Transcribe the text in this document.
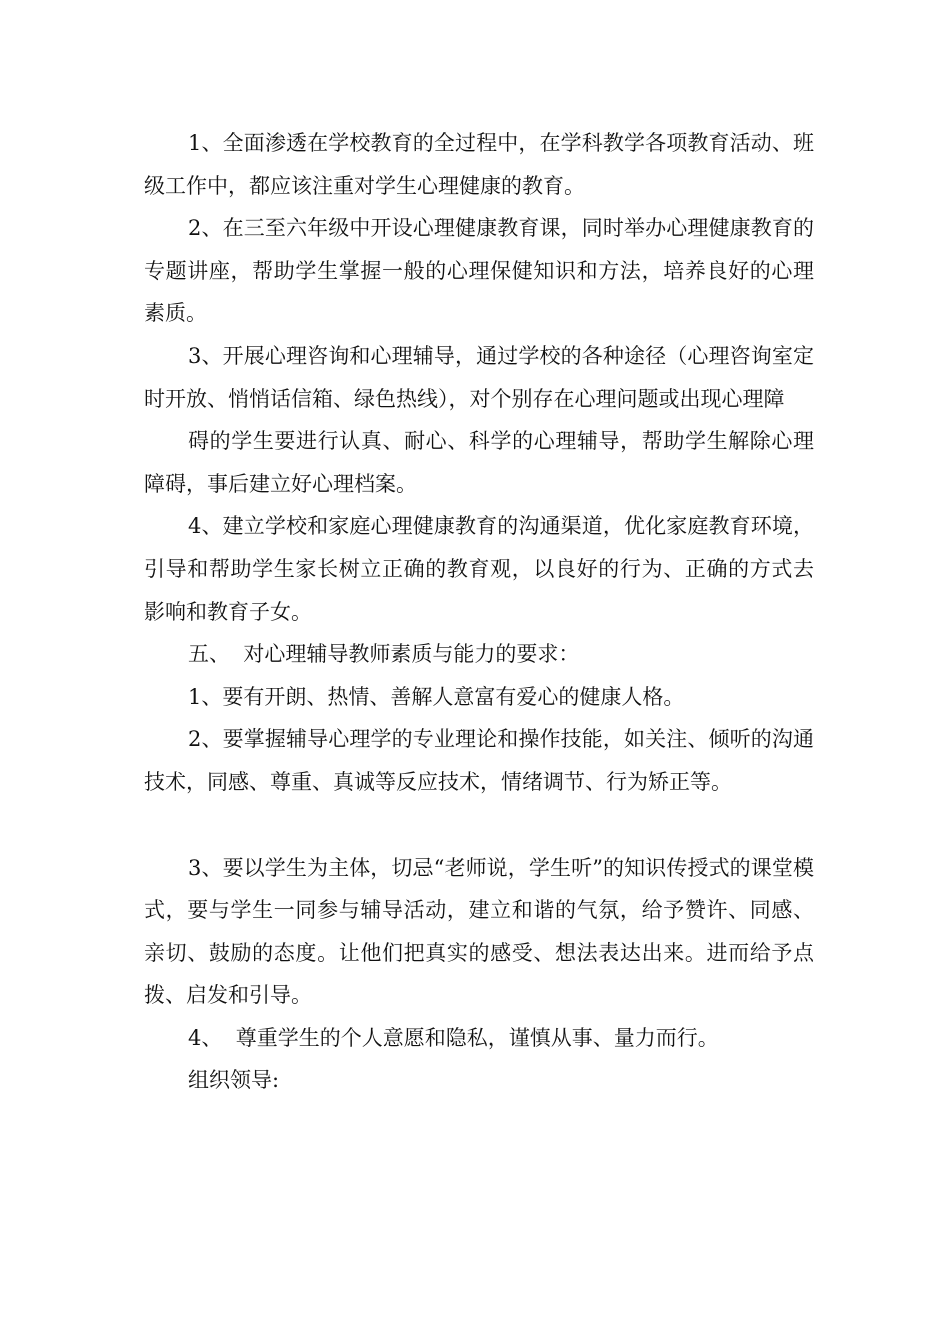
1、全面渗透在学校教育的全过程中，在学科教学各项教育活动、班级工作中，都应该注重对学生心理健康的教育。

2、在三至六年级中开设心理健康教育课，同时举办心理健康教育的专题讲座，帮助学生掌握一般的心理保健知识和方法，培养良好的心理素质。

3、开展心理咨询和心理辅导，通过学校的各种途径（心理咨询室定时开放、悄悄话信箱、绿色热线），对个别存在心理问题或出现心理障

碍的学生要进行认真、耐心、科学的心理辅导，帮助学生解除心理障碍，事后建立好心理档案。

4、建立学校和家庭心理健康教育的沟通渠道，优化家庭教育环境，引导和帮助学生家长树立正确的教育观，以良好的行为、正确的方式去影响和教育子女。

五、  对心理辅导教师素质与能力的要求：

1、要有开朗、热情、善解人意富有爱心的健康人格。

2、要掌握辅导心理学的专业理论和操作技能，如关注、倾听的沟通技术，同感、尊重、真诚等反应技术，情绪调节、行为矫正等。

3、要以学生为主体，切忌“老师说，学生听”的知识传授式的课堂模式，要与学生一同参与辅导活动，建立和谐的气氛，给予赞许、同感、亲切、鼓励的态度。让他们把真实的感受、想法表达出来。进而给予点拨、启发和引导。

4、  尊重学生的个人意愿和隐私，谨慎从事、量力而行。

组织领导:
